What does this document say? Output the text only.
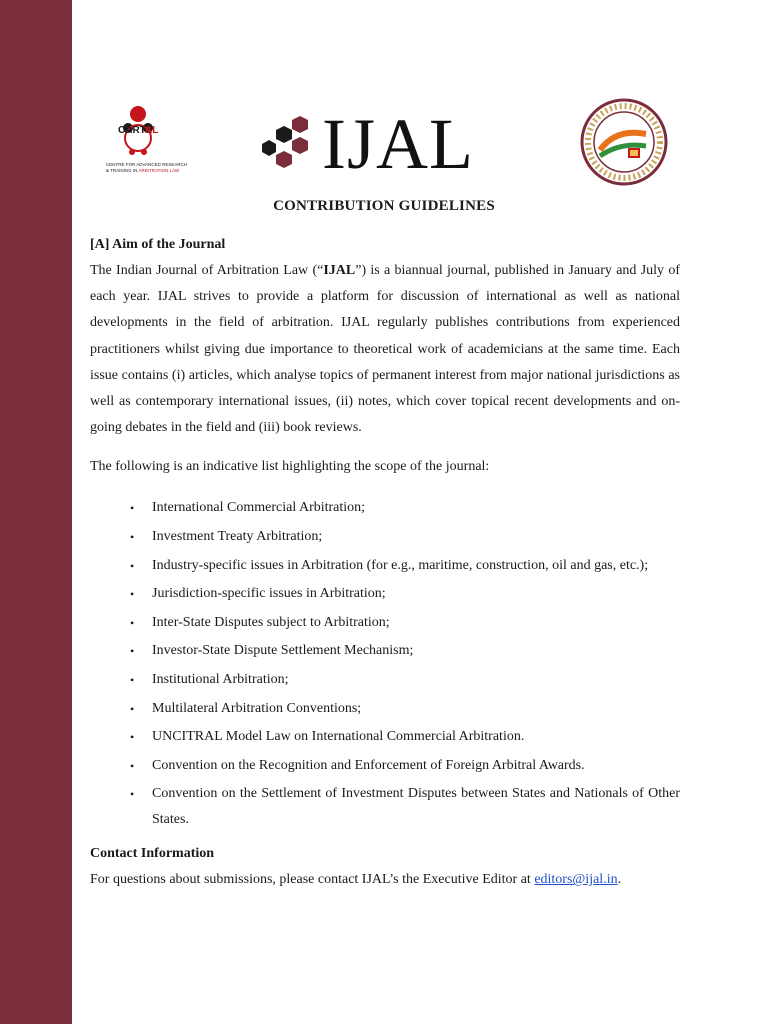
CARTAL
CENTRE FOR ADVANCED RESEARCH
& TRAINING IN ARBITRATION LAW	IJAL
CONTRIBUTION GUIDELINES

[A] Aim of the Journal

The Indian Journal of Arbitration Law (“IJAL”) is a biannual journal, published in January and July of each year. IJAL strives to provide a platform for discussion of international as well as national developments in the field of arbitration. IJAL regularly publishes contributions from experienced practitioners whilst giving due importance to theoretical work of academicians at the same time. Each issue contains (i) articles, which analyse topics of permanent interest from major national jurisdictions as well as contemporary international issues, (ii) notes, which cover topical recent developments and on-going debates in the field and (iii) book reviews.

The following is an indicative list highlighting the scope of the journal:

• International Commercial Arbitration;
• Investment Treaty Arbitration;
• Industry-specific issues in Arbitration (for e.g., maritime, construction, oil and gas, etc.);
• Jurisdiction-specific issues in Arbitration;
• Inter-State Disputes subject to Arbitration;
• Investor-State Dispute Settlement Mechanism;
• Institutional Arbitration;
• Multilateral Arbitration Conventions;
• UNCITRAL Model Law on International Commercial Arbitration.
• Convention on the Recognition and Enforcement of Foreign Arbitral Awards.
• Convention on the Settlement of Investment Disputes between States and Nationals of Other States.

Contact Information

For questions about submissions, please contact IJAL’s the Executive Editor at editors@ijal.in.
